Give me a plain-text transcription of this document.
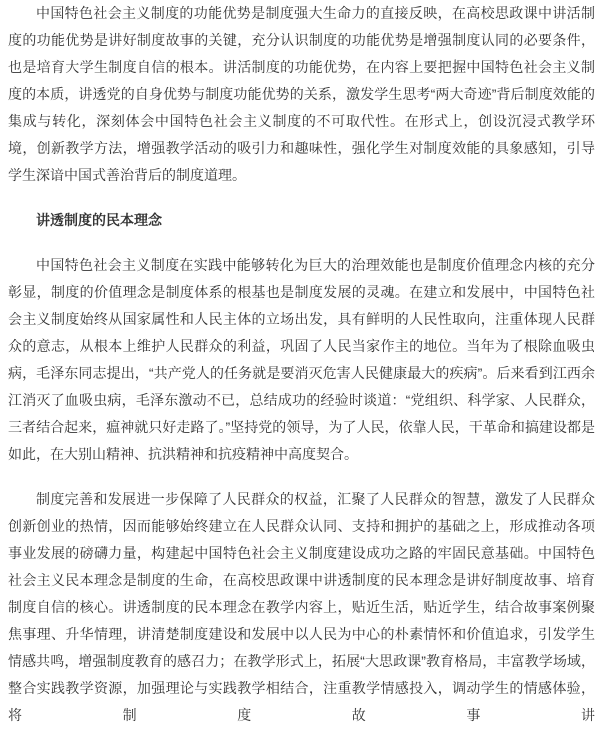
中国特色社会主义制度的功能优势是制度强大生命力的直接反映，在高校思政课中讲活制度的功能优势是讲好制度故事的关键，充分认识制度的功能优势是增强制度认同的必要条件，也是培育大学生制度自信的根本。讲活制度的功能优势，在内容上要把握中国特色社会主义制度的本质，讲透党的自身优势与制度功能优势的关系，激发学生思考“两大奇迹”背后制度效能的集成与转化，深刻体会中国特色社会主义制度的不可取代性。在形式上，创设沉浸式教学环境，创新教学方法，增强教学活动的吸引力和趣味性，强化学生对制度效能的具象感知，引导学生深谙中国式善治背后的制度道理。

讲透制度的民本理念

中国特色社会主义制度在实践中能够转化为巨大的治理效能也是制度价值理念内核的充分彰显，制度的价值理念是制度体系的根基也是制度发展的灵魂。在建立和发展中，中国特色社会主义制度始终从国家属性和人民主体的立场出发，具有鲜明的人民性取向，注重体现人民群众的意志，从根本上维护人民群众的利益，巩固了人民当家作主的地位。当年为了根除血吸虫病，毛泽东同志提出，“共产党人的任务就是要消灭危害人民健康最大的疾病”。后来看到江西余江消灭了血吸虫病，毛泽东激动不已，总结成功的经验时谈道：“党组织、科学家、人民群众，三者结合起来，瘟神就只好走路了。”坚持党的领导，为了人民，依靠人民，干革命和搞建设都是如此，在大别山精神、抗洪精神和抗疫精神中高度契合。

制度完善和发展进一步保障了人民群众的权益，汇聚了人民群众的智慧，激发了人民群众创新创业的热情，因而能够始终建立在人民群众认同、支持和拥护的基础之上，形成推动各项事业发展的磅礴力量，构建起中国特色社会主义制度建设成功之路的牢固民意基础。中国特色社会主义民本理念是制度的生命，在高校思政课中讲透制度的民本理念是讲好制度故事、培育制度自信的核心。讲透制度的民本理念在教学内容上，贴近生活，贴近学生，结合故事案例聚焦事理、升华情理，讲清楚制度建设和发展中以人民为中心的朴素情怀和价值追求，引发学生情感共鸣，增强制度教育的感召力；在教学形式上，拓展“大思政课”教育格局，丰富教学场域，整合实践教学资源，加强理论与实践教学相结合，注重教学情感投入，调动学生的情感体验，将制度故事讲
